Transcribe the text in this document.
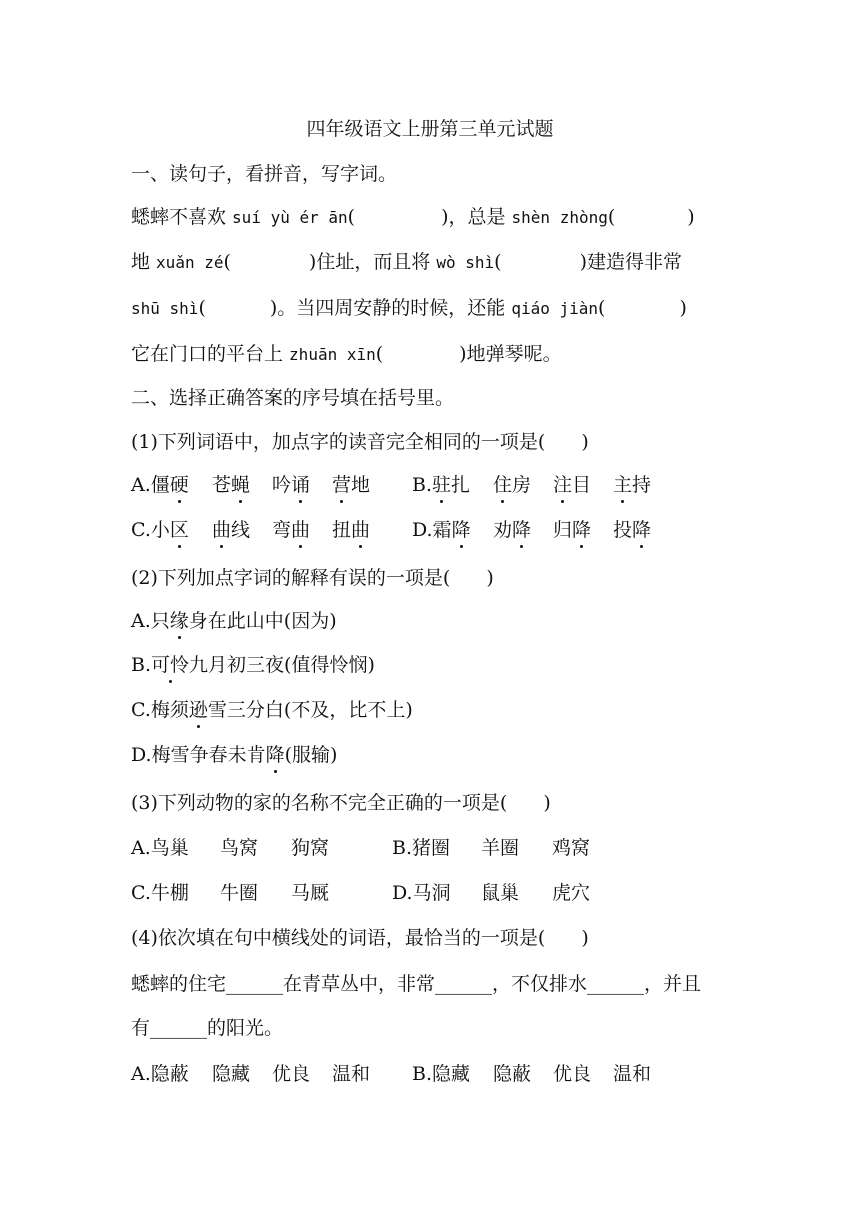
四年级语文上册第三单元试题
一、读句子，看拼音，写字词。
蟋蟀不喜欢 suí yù ér ān(	)，总是 shèn zhòng(	)
地 xuǎn zé(	)住址，而且将 wò shì(	)建造得非常
shū shì(	)。当四周安静的时候，还能 qiáo jiàn(	)
它在门口的平台上 zhuān xīn(	)地弹琴呢。
二、选择正确答案的序号填在括号里。
(1)下列词语中，加点字的读音完全相同的一项是( )
A.僵硬 苍蝇 吟诵 营地 B.驻扎 住房 注目 主持
C.小区 曲线 弯曲 扭曲 D.霜降 劝降 归降 投降
(2)下列加点字词的解释有误的一项是( )
A.只缘身在此山中(因为)
B.可怜九月初三夜(值得怜悯)
C.梅须逊雪三分白(不及，比不上)
D.梅雪争春未肯降(服输)
(3)下列动物的家的名称不完全正确的一项是( )
A.鸟巢 鸟窝 狗窝	B.猪圈 羊圈 鸡窝
C.牛棚 牛圈 马厩	D.马洞 鼠巢 虎穴
(4)依次填在句中横线处的词语，最恰当的一项是( )
蟋蟀的住宅______在青草丛中，非常______，不仅排水______，并且
有______的阳光。
A.隐蔽 隐藏 优良 温和 B.隐藏 隐蔽 优良 温和
